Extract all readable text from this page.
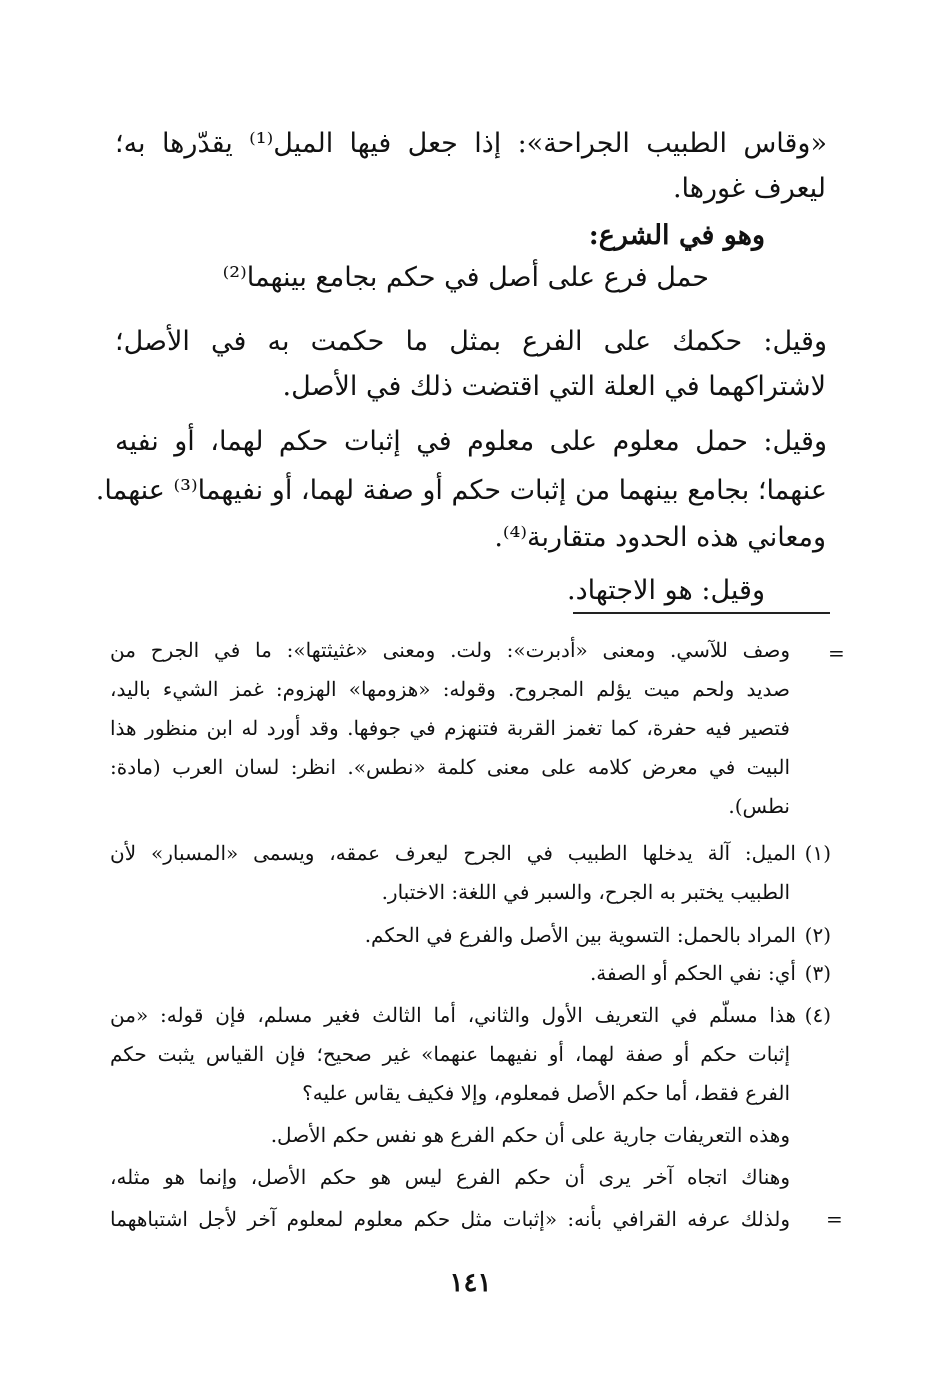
«وقاس الطبيب الجراحة»: إذا جعل فيها الميل⁽¹⁾ يقدّرها به؛
ليعرف غورها.
وهو في الشرع:
حمل فرع على أصل في حكم بجامع بينهما⁽²⁾
وقيل: حكمك على الفرع بمثل ما حكمت به في الأصل؛
لاشتراكهما في العلة التي اقتضت ذلك في الأصل.
وقيل: حمل معلوم على معلوم في إثبات حكم لهما، أو نفيه
عنهما؛ بجامع بينهما من إثبات حكم أو صفة لهما، أو نفيهما⁽³⁾ عنهما.
ومعاني هذه الحدود متقاربة⁽⁴⁾.
وقيل: هو الاجتهاد.
=
وصف للآسي. ومعنى «أدبرت»: ولت. ومعنى «غثيثتها»: ما في الجرح من
صديد ولحم ميت يؤلم المجروح. وقوله: «هزومها» الهزوم: غمز الشيء باليد،
فتصير فيه حفرة، كما تغمز القربة فتنهزم في جوفها. وقد أورد له ابن منظور هذا
البيت في معرض كلامه على معنى كلمة «نطس». انظر: لسان العرب (مادة:
نطس).
(١)
الميل: آلة يدخلها الطبيب في الجرح ليعرف عمقه، ويسمى «المسبار» لأن
الطبيب يختبر به الجرح، والسبر في اللغة: الاختبار.
(٢)
المراد بالحمل: التسوية بين الأصل والفرع في الحكم.
(٣)
أي: نفي الحكم أو الصفة.
(٤)
هذا مسلّم في التعريف الأول والثاني، أما الثالث فغير مسلم، فإن قوله: «من
إثبات حكم أو صفة لهما، أو نفيهما عنهما» غير صحيح؛ فإن القياس يثبت حكم
الفرع فقط، أما حكم الأصل فمعلوم، وإلا فكيف يقاس عليه؟
وهذه التعريفات جارية على أن حكم الفرع هو نفس حكم الأصل.
وهناك اتجاه آخر يرى أن حكم الفرع ليس هو حكم الأصل، وإنما هو مثله،
ولذلك عرفه القرافي بأنه: «إثبات مثل حكم معلوم لمعلوم آخر لأجل اشتباههما =
١٤١
